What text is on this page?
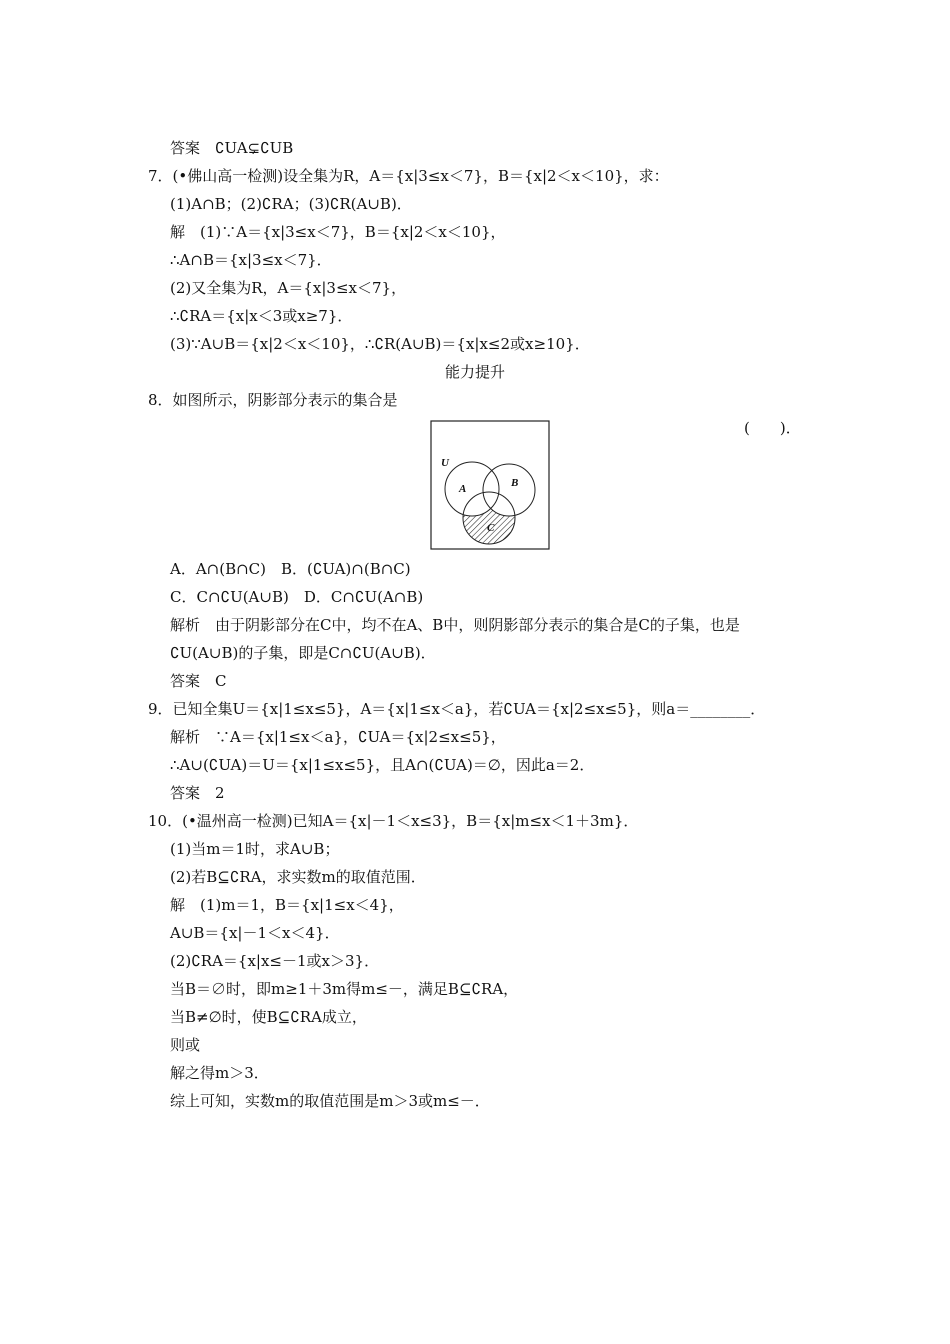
答案　∁UA⊊∁UB
7．(•佛山高一检测)设全集为R，A＝{x|3≤x＜7}，B＝{x|2＜x＜10}，求：
(1)A∩B；(2)∁RA；(3)∁R(A∪B)．
解　(1)∵A＝{x|3≤x＜7}，B＝{x|2＜x＜10}，
∴A∩B＝{x|3≤x＜7}．
(2)又全集为R，A＝{x|3≤x＜7}，
∴∁RA＝{x|x＜3或x≥7}．
(3)∵A∪B＝{x|2＜x＜10}，∴∁R(A∪B)＝{x|x≤2或x≥10}．
能力提升
8．如图所示，阴影部分表示的集合是
(　　)．
U
A	B
C
A．A∩(B∩C)　B．(∁UA)∩(B∩C)
C．C∩∁U(A∪B)　D．C∩∁U(A∩B)
解析　由于阴影部分在C中，均不在A、B中，则阴影部分表示的集合是C的子集，也是
∁U(A∪B)的子集，即是C∩∁U(A∪B)．
答案　C
9．已知全集U＝{x|1≤x≤5}，A＝{x|1≤x＜a}，若∁UA＝{x|2≤x≤5}，则a＝________．
解析　∵A＝{x|1≤x＜a}，∁UA＝{x|2≤x≤5}，
∴A∪(∁UA)＝U＝{x|1≤x≤5}，且A∩(∁UA)＝∅，因此a＝2．
答案　2
10．(•温州高一检测)已知A＝{x|－1＜x≤3}，B＝{x|m≤x＜1＋3m}．
(1)当m＝1时，求A∪B；
(2)若B⊆∁RA，求实数m的取值范围．
解　(1)m＝1，B＝{x|1≤x＜4}，
A∪B＝{x|－1＜x＜4}．
(2)∁RA＝{x|x≤－1或x＞3}．
当B＝∅时，即m≥1＋3m得m≤－，满足B⊆∁RA，
当B≠∅时，使B⊆∁RA成立，
则或
解之得m＞3．
综上可知，实数m的取值范围是m＞3或m≤－．
